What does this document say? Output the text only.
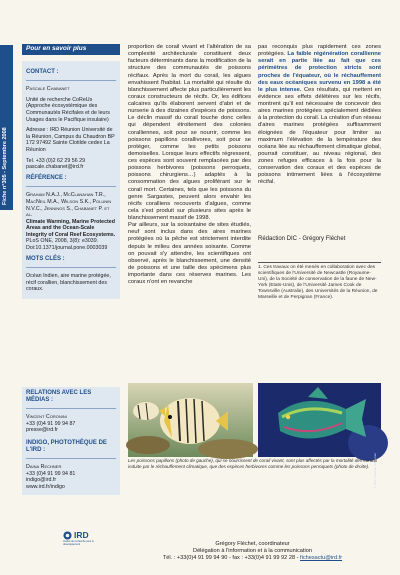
Fiche n°305 - Septembre 2008
Pour en savoir plus
CONTACT :
Pascale Chabanet
Unité de recherche CoReUs (Approche écosystémique des Communautés Récifales et de leurs Usages dans le Pacifique insulaire)
Adresse : IRD Réunion Université de la Réunion, Campus du Chaudron BP 172 97492 Sainte Clotilde cedex La Réunion
Tel. +33 (0)2 62 29 56 29
pascale.chabanet@ird.fr
RÉFÉRENCE :
Graham N.A.J., McClanahan T.R., MacNeil M.A., Wilson S.K., Polunin N.V.C., Jennings S., Chabanet P. et al.
Climate Warming, Marine Protected Areas and the Ocean-Scale Integrity of Coral Reef Ecosystems.
PLoS ONE, 2008, 3(8): e3039. Doi:10.1371/journal.pone.0003039
MOTS CLÉS :
Océan Indien, aire marine protégée, récif corallien, blanchissement des coraux.
RELATIONS AVEC LES MÉDIAS :
Vincent Coronini
+33 (0)4 91 99 94 87
presse@ird.fr
INDIGO, PHOTOTHÈQUE DE L'IRD :
Daina Rechner
+33 (0)4 91 99 94 81
indigo@ird.fr
www.ird.fr/indigo
IRD
Institut de recherche pour le développement
proportion de corail vivant et l'altération de sa complexité architecturale constituent deux facteurs déterminants dans la modification de la structure des communautés de poissons récifaux. Après la mort du corail, les algues envahissent l'habitat. La mortalité qui résulte du blanchissement affecte plus particulièrement les coraux constructeurs de récifs. Or, les édifices calcaires qu'ils élaborent servent d'abri et de nurserie à des dizaines d'espèces de poissons. Le déclin massif du corail touche donc celles qui dépendent étroitement des colonies coralliennes, soit pour se nourrir, comme les poissons papillons corallivores, soit pour se protéger, comme les petits poissons demoiselles. Lorsque leurs effectifs régressent, ces espèces sont souvent remplacées par des poissons herbivores (poissons perroquets, poissons chirurgiens…) adaptés à la consommation des algues proliférant sur le corail mort. Certaines, tels que les poissons du genre Sargastes, peuvent alors envahir les récifs coralliens recouverts d'algues, comme cela s'est produit sur plusieurs sites après le blanchissement massif de 1998.
Par ailleurs, sur la soixantaine de sites étudiés, neuf sont inclus dans des aires marines protégées où la pêche est strictement interdite depuis le milieu des années soixante. Comme on pouvait s'y attendre, les scientifiques ont observé, après le blanchissement, une densité de poissons et une taille des spécimens plus importante dans ces réserves marines. Les coraux n'ont en revanche
pas reconquis plus rapidement ces zones protégées. La faible régénération corallienne serait en partie liée au fait que ces périmètres de protection stricts sont proches de l'équateur, où le réchauffement des eaux océaniques survenu en 1998 a été le plus intense. Ces résultats, qui mettent en évidence ses effets délétères sur les récifs, montrent qu'il est nécessaire de concevoir des aires marines protégées spécialement dédiées à la protection du corail. La création d'un réseau d'aires marines protégées suffisamment éloignées de l'équateur pour limiter au maximum l'élévation de la température des océans liée au réchauffement climatique global, pourrait constituer, au niveau régional, des zones refuges efficaces à la fois pour la conservation des coraux et des espèces de poissons intimement liées à l'écosystème récifal.
Rédaction DIC - Grégory Fléchet
1. Ces travaux on été menés en collaboration avec des scientifiques de l'Université de Newcastle (Royaume-Uni), de la Société de conservation de la faune de New-York (Etats-Unis), de l'Université James Cook de Townsville (Australie), des Universités de la Réunion, de Marseille et de Perpignan (France).
© IRD / Pascale Chabanet
Les poissons papillons (photo de gauche), qui se nourrissent de corail vivant, sont plus affectés par la mortalité des coraux induite par le réchauffement climatique, que des espèces herbivores comme les poissons perroquets (photo de droite).
Grégory Fléchet, coordinateur
Délégation à l'information et à la communication
Tél. : +33(0)4 91 99 94 90 - fax : +33(0)4 91 99 92 28 - fichesactu@ird.fr
